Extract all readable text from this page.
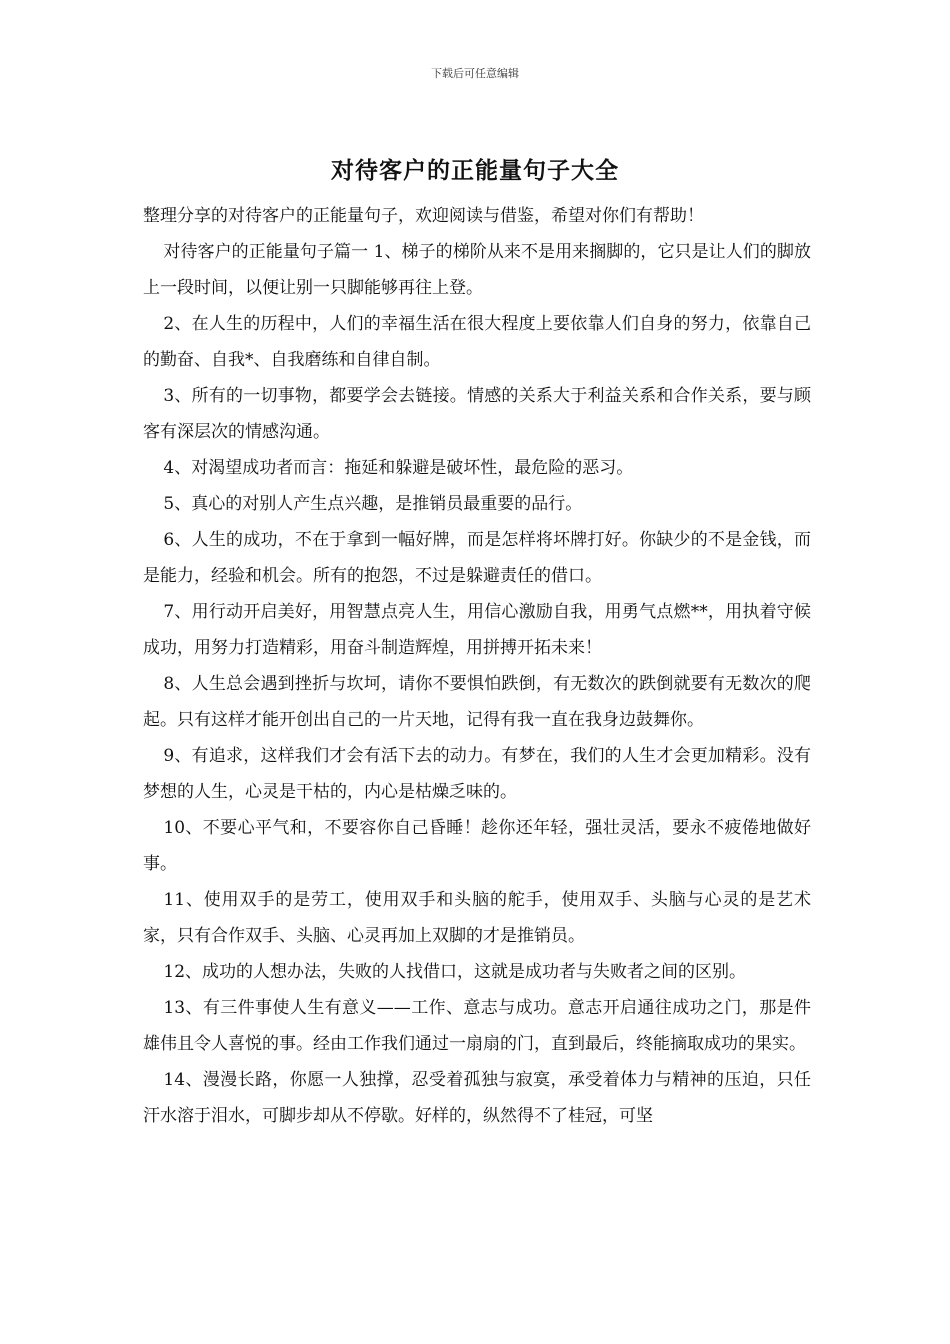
下载后可任意编辑
对待客户的正能量句子大全

整理分享的对待客户的正能量句子，欢迎阅读与借鉴，希望对你们有帮助！

对待客户的正能量句子篇一 1、梯子的梯阶从来不是用来搁脚的，它只是让人们的脚放上一段时间，以便让别一只脚能够再往上登。

2、在人生的历程中，人们的幸福生活在很大程度上要依靠人们自身的努力，依靠自己的勤奋、自我*、自我磨练和自律自制。

3、所有的一切事物，都要学会去链接。情感的关系大于利益关系和合作关系，要与顾客有深层次的情感沟通。

4、对渴望成功者而言：拖延和躲避是破坏性，最危险的恶习。

5、真心的对别人产生点兴趣，是推销员最重要的品行。

6、人生的成功，不在于拿到一幅好牌，而是怎样将坏牌打好。你缺少的不是金钱，而是能力，经验和机会。所有的抱怨，不过是躲避责任的借口。

7、用行动开启美好，用智慧点亮人生，用信心激励自我，用勇气点燃**，用执着守候成功，用努力打造精彩，用奋斗制造辉煌，用拼搏开拓未来！

8、人生总会遇到挫折与坎坷，请你不要惧怕跌倒，有无数次的跌倒就要有无数次的爬起。只有这样才能开创出自己的一片天地，记得有我一直在我身边鼓舞你。

9、有追求，这样我们才会有活下去的动力。有梦在，我们的人生才会更加精彩。没有梦想的人生，心灵是干枯的，内心是枯燥乏味的。

10、不要心平气和，不要容你自己昏睡！趁你还年轻，强壮灵活，要永不疲倦地做好事。

11、使用双手的是劳工，使用双手和头脑的舵手，使用双手、头脑与心灵的是艺术家，只有合作双手、头脑、心灵再加上双脚的才是推销员。

12、成功的人想办法，失败的人找借口，这就是成功者与失败者之间的区别。

13、有三件事使人生有意义——工作、意志与成功。意志开启通往成功之门，那是件雄伟且令人喜悦的事。经由工作我们通过一扇扇的门，直到最后，终能摘取成功的果实。

14、漫漫长路，你愿一人独撑，忍受着孤独与寂寞，承受着体力与精神的压迫，只任汗水溶于泪水，可脚步却从不停歇。好样的，纵然得不了桂冠，可坚
